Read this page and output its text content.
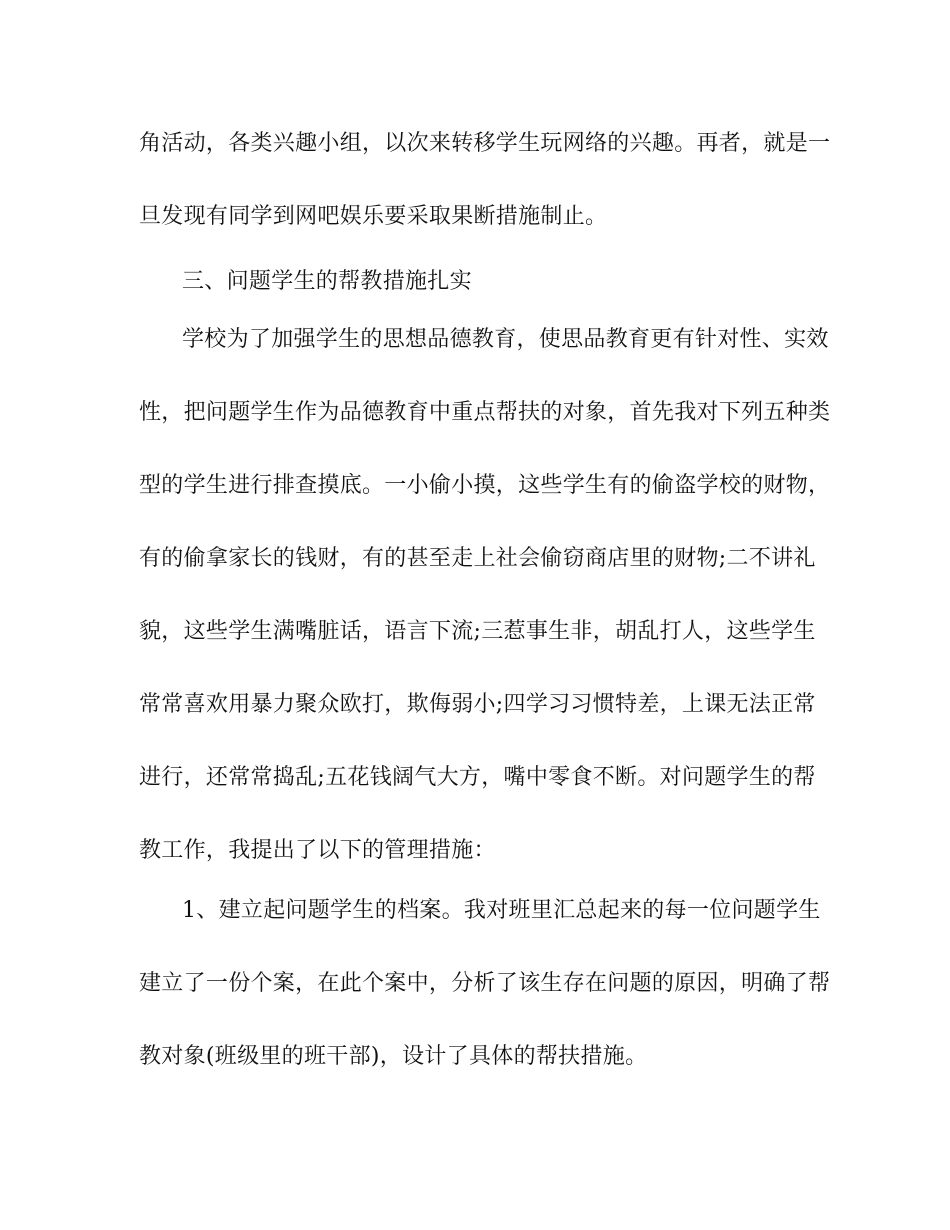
角活动，各类兴趣小组，以次来转移学生玩网络的兴趣。再者，就是一
旦发现有同学到网吧娱乐要采取果断措施制止。
三、问题学生的帮教措施扎实
学校为了加强学生的思想品德教育，使思品教育更有针对性、实效
性，把问题学生作为品德教育中重点帮扶的对象，首先我对下列五种类
型的学生进行排查摸底。一小偷小摸，这些学生有的偷盗学校的财物，
有的偷拿家长的钱财，有的甚至走上社会偷窃商店里的财物;二不讲礼
貌，这些学生满嘴脏话，语言下流;三惹事生非，胡乱打人，这些学生
常常喜欢用暴力聚众欧打，欺侮弱小;四学习习惯特差，上课无法正常
进行，还常常捣乱;五花钱阔气大方，嘴中零食不断。对问题学生的帮
教工作，我提出了以下的管理措施：
1、建立起问题学生的档案。我对班里汇总起来的每一位问题学生
建立了一份个案，在此个案中，分析了该生存在问题的原因，明确了帮
教对象(班级里的班干部)，设计了具体的帮扶措施。
